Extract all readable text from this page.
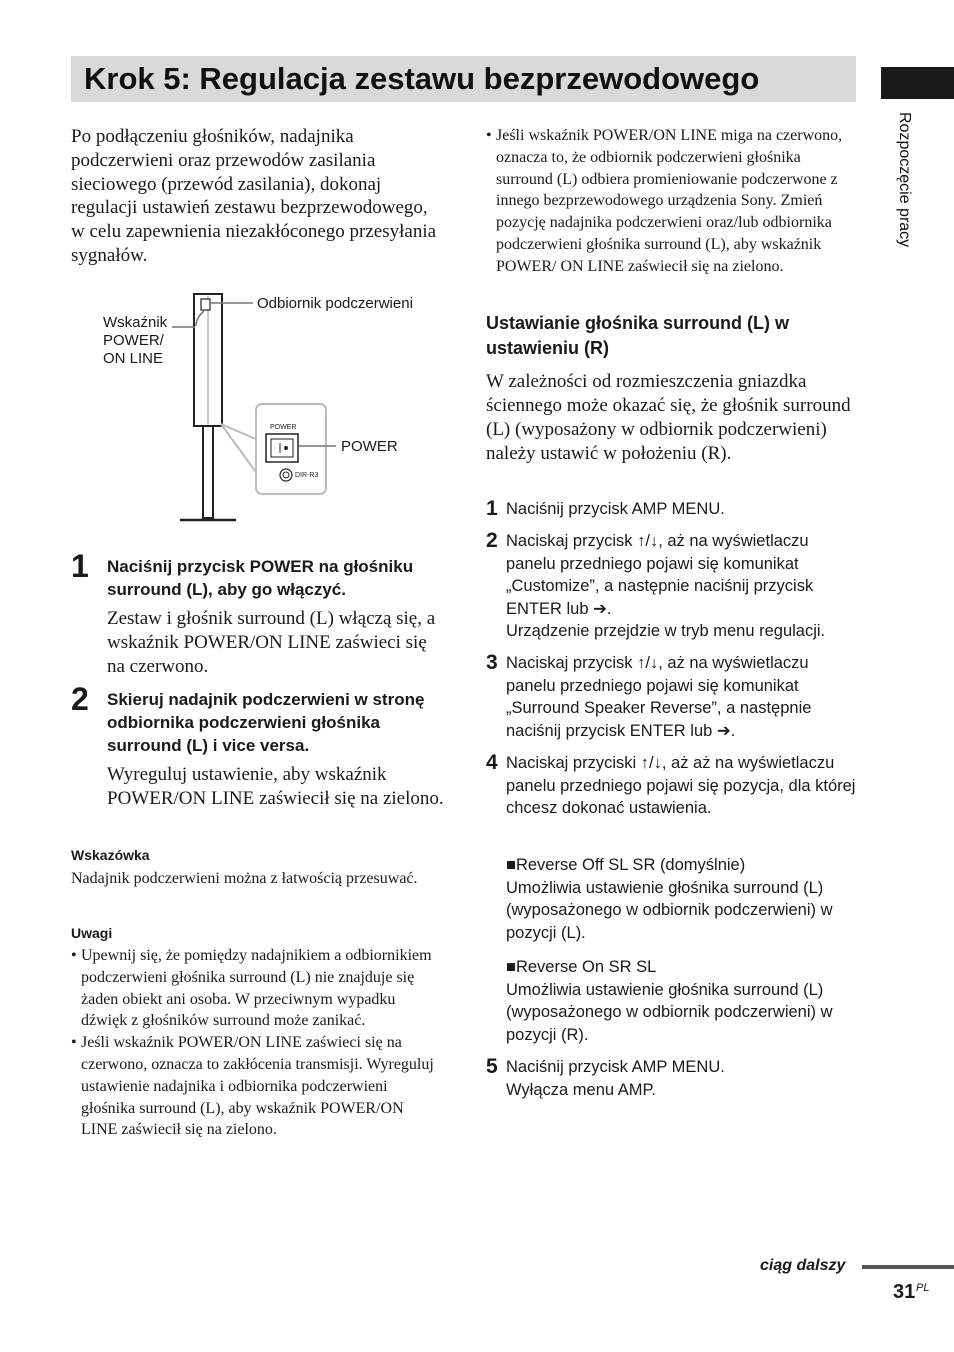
Krok 5: Regulacja zestawu bezprzewodowego
Rozpoczęcie pracy

Po podłączeniu głośników, nadajnika podczerwieni oraz przewodów zasilania sieciowego (przewód zasilania), dokonaj regulacji ustawień zestawu bezprzewodowego, w celu zapewnienia niezakłóconego przesyłania sygnałów.

POWER
DIR-R3
Odbiornik podczerwieni
Wskaźnik
POWER/
ON LINE
POWER
1 Naciśnij przycisk POWER na głośniku surround (L), aby go włączyć.
Zestaw i głośnik surround (L) włączą się, a wskaźnik POWER/ON LINE zaświeci się na czerwono.
2 Skieruj nadajnik podczerwieni w stronę odbiornika podczerwieni głośnika surround (L) i vice versa.
Wyreguluj ustawienie, aby wskaźnik POWER/ON LINE zaświecił się na zielono.
Wskazówka
Nadajnik podczerwieni można z łatwością przesuwać.
Uwagi
• Upewnij się, że pomiędzy nadajnikiem a odbiornikiem podczerwieni głośnika surround (L) nie znajduje się żaden obiekt ani osoba. W przeciwnym wypadku dźwięk z głośników surround może zanikać.
• Jeśli wskaźnik POWER/ON LINE zaświeci się na czerwono, oznacza to zakłócenia transmisji. Wyreguluj ustawienie nadajnika i odbiornika podczerwieni głośnika surround (L), aby wskaźnik POWER/ON LINE zaświecił się na zielono.
• Jeśli wskaźnik POWER/ON LINE miga na czerwono, oznacza to, że odbiornik podczerwieni głośnika surround (L) odbiera promieniowanie podczerwone z innego bezprzewodowego urządzenia Sony. Zmień pozycję nadajnika podczerwieni oraz/lub odbiornika podczerwieni głośnika surround (L), aby wskaźnik POWER/ ON LINE zaświecił się na zielono.
Ustawianie głośnika surround (L) w ustawieniu (R)

W zależności od rozmieszczenia gniazdka ściennego może okazać się, że głośnik surround (L) (wyposażony w odbiornik podczerwieni) należy ustawić w położeniu (R).

1 Naciśnij przycisk AMP MENU.
2 Naciskaj przycisk ↑/↓, aż na wyświetlaczu panelu przedniego pojawi się komunikat „Customize”, a następnie naciśnij przycisk ENTER lub ➔.
Urządzenie przejdzie w tryb menu regulacji.
3 Naciskaj przycisk ↑/↓, aż na wyświetlaczu panelu przedniego pojawi się komunikat „Surround Speaker Reverse”, a następnie naciśnij przycisk ENTER lub ➔.
4 Naciskaj przyciski ↑/↓, aż aż na wyświetlaczu panelu przedniego pojawi się pozycja, dla której chcesz dokonać ustawienia.
■Reverse Off SL SR (domyślnie)
Umożliwia ustawienie głośnika surround (L) (wyposażonego w odbiornik podczerwieni) w pozycji (L).
■Reverse On SR SL
Umożliwia ustawienie głośnika surround (L) (wyposażonego w odbiornik podczerwieni) w pozycji (R).
5 Naciśnij przycisk AMP MENU.
Wyłącza menu AMP.
ciąg dalszy
31 PL
